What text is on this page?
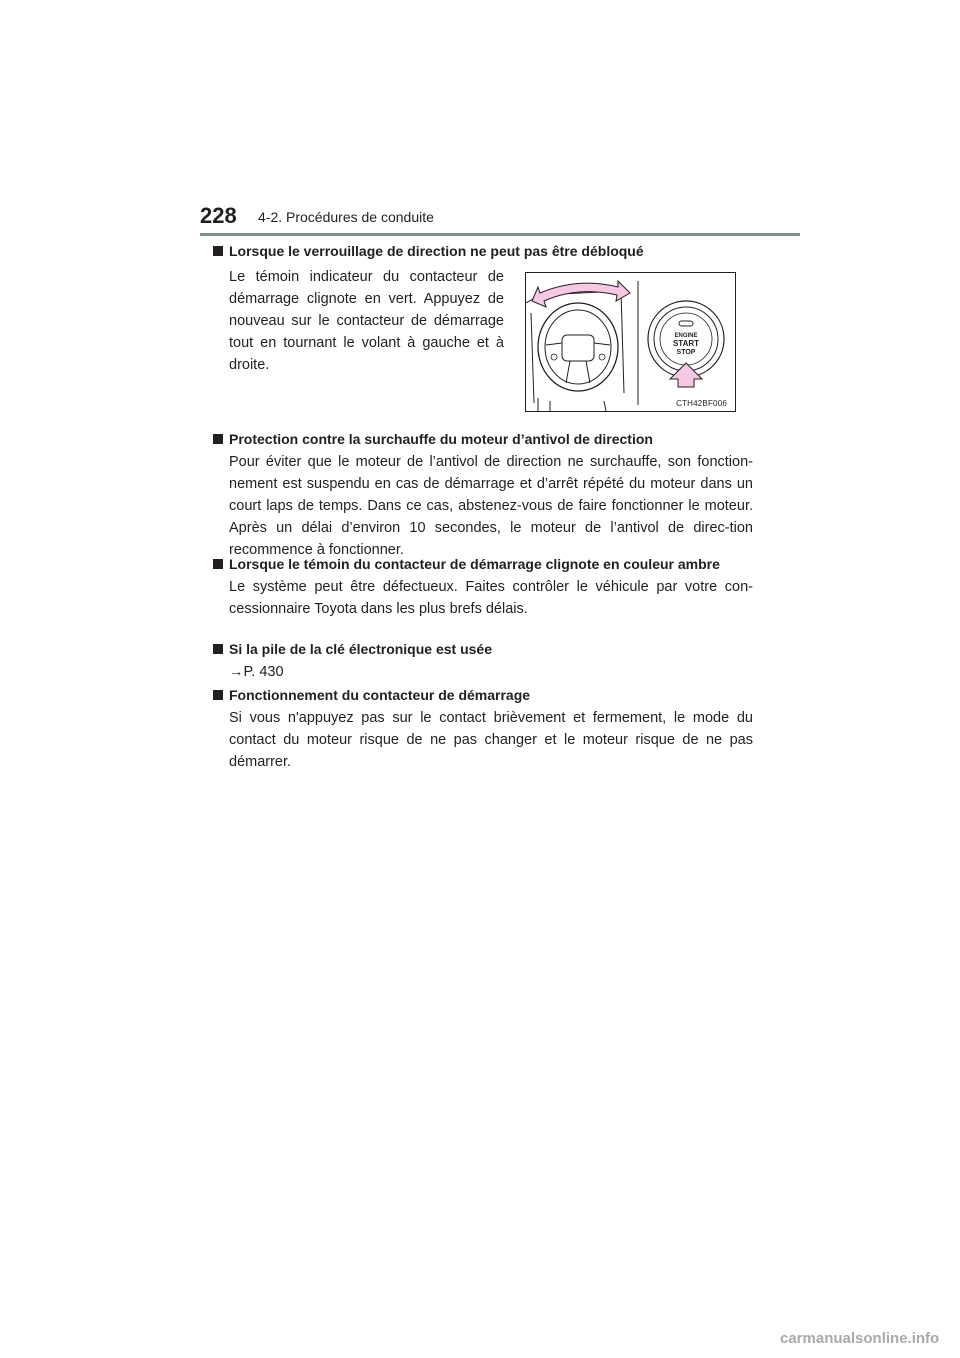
228 4-2. Procédures de conduite
Lorsque le verrouillage de direction ne peut pas être débloqué
Le témoin indicateur du contacteur de démarrage clignote en vert. Appuyez de nouveau sur le contacteur de démarrage tout en tournant le volant à gauche et à droite.
ENGINE
START
STOP
CTH42BF006
Protection contre la surchauffe du moteur d’antivol de direction
Pour éviter que le moteur de l’antivol de direction ne surchauffe, son fonction-nement est suspendu en cas de démarrage et d’arrêt répété du moteur dans un court laps de temps. Dans ce cas, abstenez-vous de faire fonctionner le moteur. Après un délai d’environ 10 secondes, le moteur de l’antivol de direc-tion recommence à fonctionner.
Lorsque le témoin du contacteur de démarrage clignote en couleur ambre
Le système peut être défectueux. Faites contrôler le véhicule par votre con-cessionnaire Toyota dans les plus brefs délais.
Si la pile de la clé électronique est usée
→P. 430
Fonctionnement du contacteur de démarrage
Si vous n'appuyez pas sur le contact brièvement et fermement, le mode du contact du moteur risque de ne pas changer et le moteur risque de ne pas démarrer.
carmanualsonline.info
